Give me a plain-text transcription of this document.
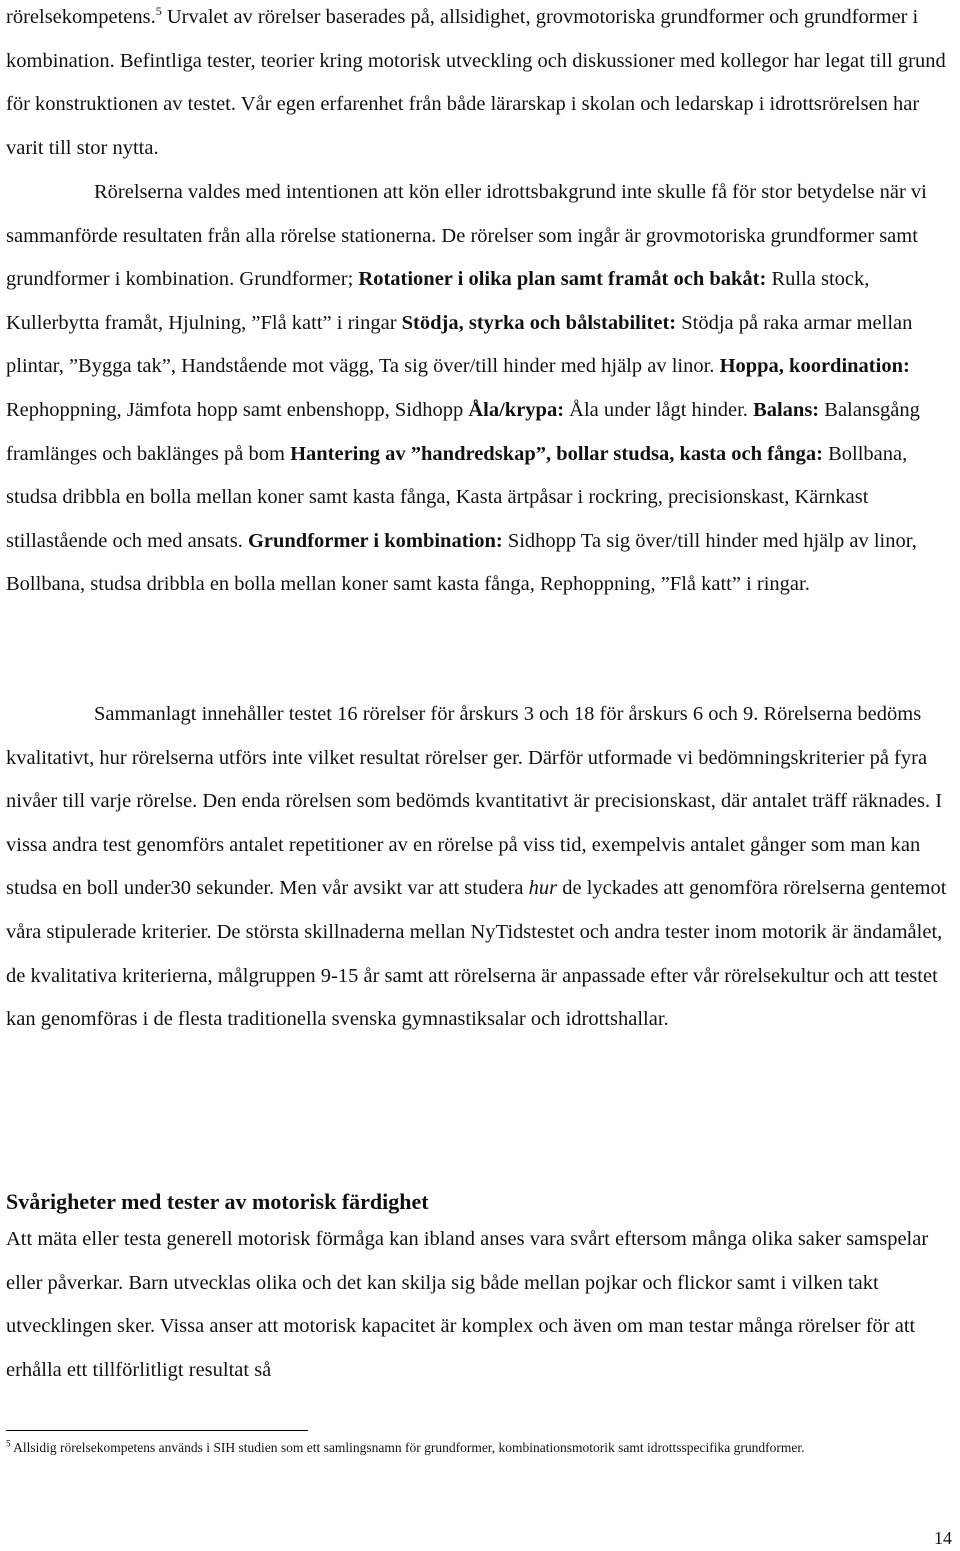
rörelsekompetens.$^5$ Urvalet av rörelser baserades på, allsidighet, grovmotoriska grundformer och grundformer i kombination. Befintliga tester, teorier kring motorisk utveckling och diskussioner med kollegor har legat till grund för konstruktionen av testet. Vår egen erfarenhet från både lärarskap i skolan och ledarskap i idrottsrörelsen har varit till stor nytta.

Rörelserna valdes med intentionen att kön eller idrottsbakgrund inte skulle få för stor betydelse när vi sammanförde resultaten från alla rörelse stationerna. De rörelser som ingår är grovmotoriska grundformer samt grundformer i kombination. Grundformer; Rotationer i olika plan samt framåt och bakåt: Rulla stock, Kullerbytta framåt, Hjulning, ”Flå katt” i ringar Stödja, styrka och bålstabilitet: Stödja på raka armar mellan plintar, ”Bygga tak”, Handstående mot vägg, Ta sig över/till hinder med hjälp av linor. Hoppa, koordination: Rephoppning, Jämfota hopp samt enbenshopp, Sidhopp Åla/krypa: Åla under lågt hinder. Balans: Balansgång framlänges och baklänges på bom Hantering av ”handredskap”, bollar studsa, kasta och fånga: Bollbana, studsa dribbla en bolla mellan koner samt kasta fånga, Kasta ärtpåsar i rockring, precisionskast, Kärnkast stillastående och med ansats. Grundformer i kombination: Sidhopp Ta sig över/till hinder med hjälp av linor, Bollbana, studsa dribbla en bolla mellan koner samt kasta fånga, Rephoppning, ”Flå katt” i ringar.

Sammanlagt innehåller testet 16 rörelser för årskurs 3 och 18 för årskurs 6 och 9. Rörelserna bedöms kvalitativt, hur rörelserna utförs inte vilket resultat rörelser ger. Därför utformade vi bedömningskriterier på fyra nivåer till varje rörelse. Den enda rörelsen som bedömds kvantitativt är precisionskast, där antalet träff räknades. I vissa andra test genomförs antalet repetitioner av en rörelse på viss tid, exempelvis antalet gånger som man kan studsa en boll under30 sekunder. Men vår avsikt var att studera hur de lyckades att genomföra rörelserna gentemot våra stipulerade kriterier. De största skillnaderna mellan NyTidstestet och andra tester inom motorik är ändamålet, de kvalitativa kriterierna, målgruppen 9-15 år samt att rörelserna är anpassade efter vår rörelsekultur och att testet kan genomföras i de flesta traditionella svenska gymnastiksalar och idrottshallar.

Svårigheter med tester av motorisk färdighet

Att mäta eller testa generell motorisk förmåga kan ibland anses vara svårt eftersom många olika saker samspelar eller påverkar. Barn utvecklas olika och det kan skilja sig både mellan pojkar och flickor samt i vilken takt utvecklingen sker. Vissa anser att motorisk kapacitet är komplex och även om man testar många rörelser för att erhålla ett tillförlitligt resultat så

$^5$ Allsidig rörelsekompetens används i SIH studien som ett samlingsnamn för grundformer, kombinationsmotorik samt idrottsspecifika grundformer.

14
